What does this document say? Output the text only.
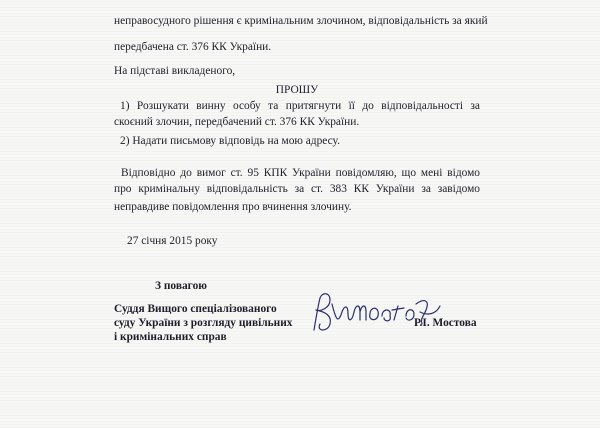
неправосудного рішення є кримінальним злочином, відповідальність за який
передбачена ст. 376 КК України.
На підставі викладеного,
ПРОШУ
1) Розшукати винну особу та притягнути її до відповідальності за
скоєний злочин, передбачений ст. 376 КК України.
2) Надати письмову відповідь на мою адресу.
Відповідно до вимог ст. 95 КПК України повідомляю, що мені відомо
про кримінальну відповідальність за ст. 383 КК України за завідомо
неправдиве повідомлення про вчинення злочину.
27 січня 2015 року
З повагою
Суддя Вищого спеціалізованого
суду України з розгляду цивільних
і кримінальних справ
Р.І. Мостова
